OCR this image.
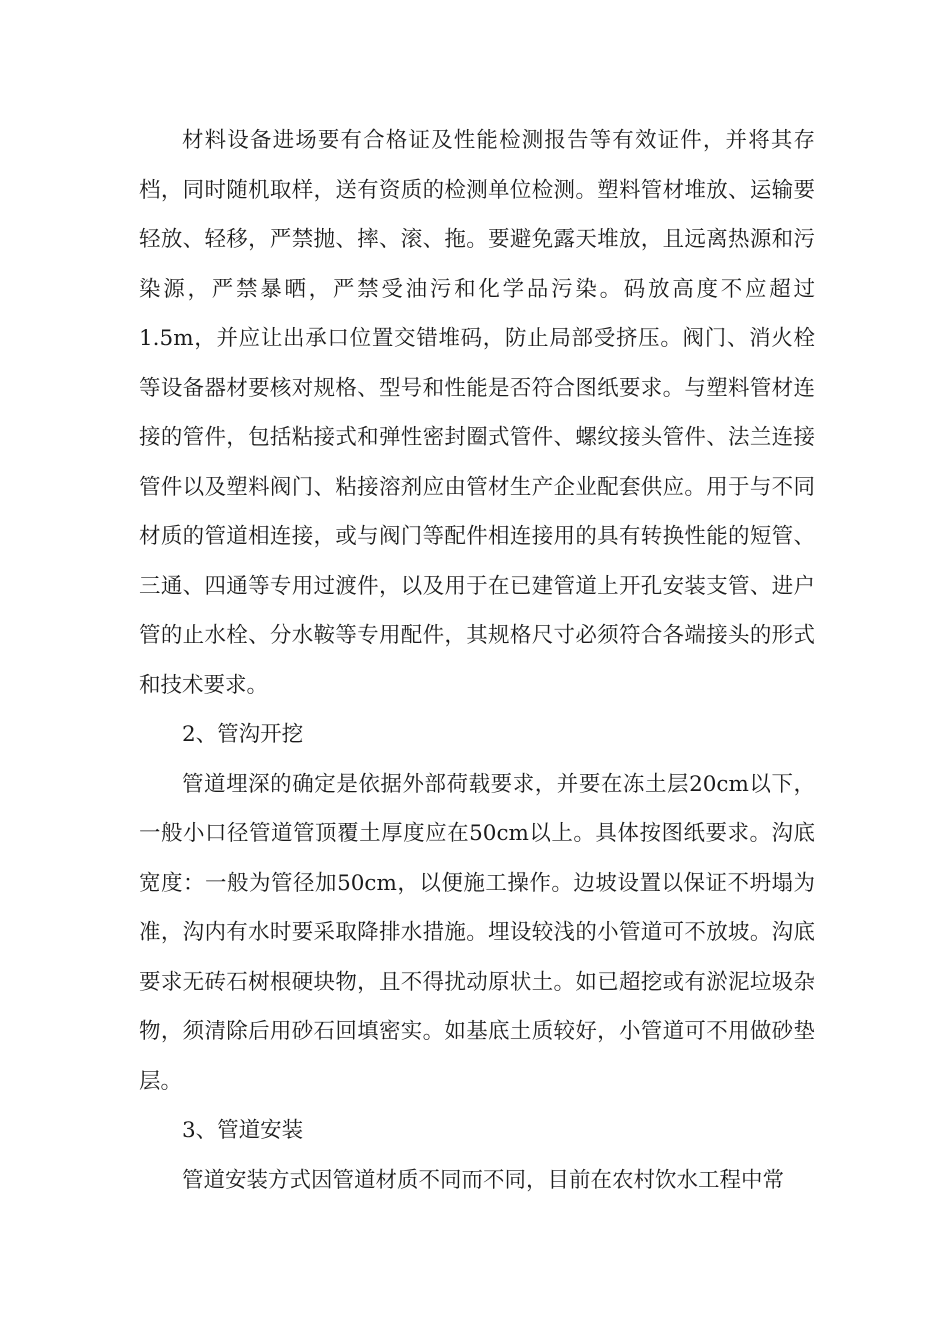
材料设备进场要有合格证及性能检测报告等有效证件，并将其存档，同时随机取样，送有资质的检测单位检测。塑料管材堆放、运输要轻放、轻移，严禁抛、摔、滚、拖。要避免露天堆放，且远离热源和污染源，严禁暴晒，严禁受油污和化学品污染。码放高度不应超过1.5m，并应让出承口位置交错堆码，防止局部受挤压。阀门、消火栓等设备器材要核对规格、型号和性能是否符合图纸要求。与塑料管材连接的管件，包括粘接式和弹性密封圈式管件、螺纹接头管件、法兰连接管件以及塑料阀门、粘接溶剂应由管材生产企业配套供应。用于与不同材质的管道相连接，或与阀门等配件相连接用的具有转换性能的短管、三通、四通等专用过渡件，以及用于在已建管道上开孔安装支管、进户管的止水栓、分水鞍等专用配件，其规格尺寸必须符合各端接头的形式和技术要求。

2、管沟开挖

管道埋深的确定是依据外部荷载要求，并要在冻土层20cm以下，一般小口径管道管顶覆土厚度应在50cm以上。具体按图纸要求。沟底宽度：一般为管径加50cm，以便施工操作。边坡设置以保证不坍塌为准，沟内有水时要采取降排水措施。埋设较浅的小管道可不放坡。沟底要求无砖石树根硬块物，且不得扰动原状土。如已超挖或有淤泥垃圾杂物，须清除后用砂石回填密实。如基底土质较好，小管道可不用做砂垫层。

3、管道安装

管道安装方式因管道材质不同而不同，目前在农村饮水工程中常
